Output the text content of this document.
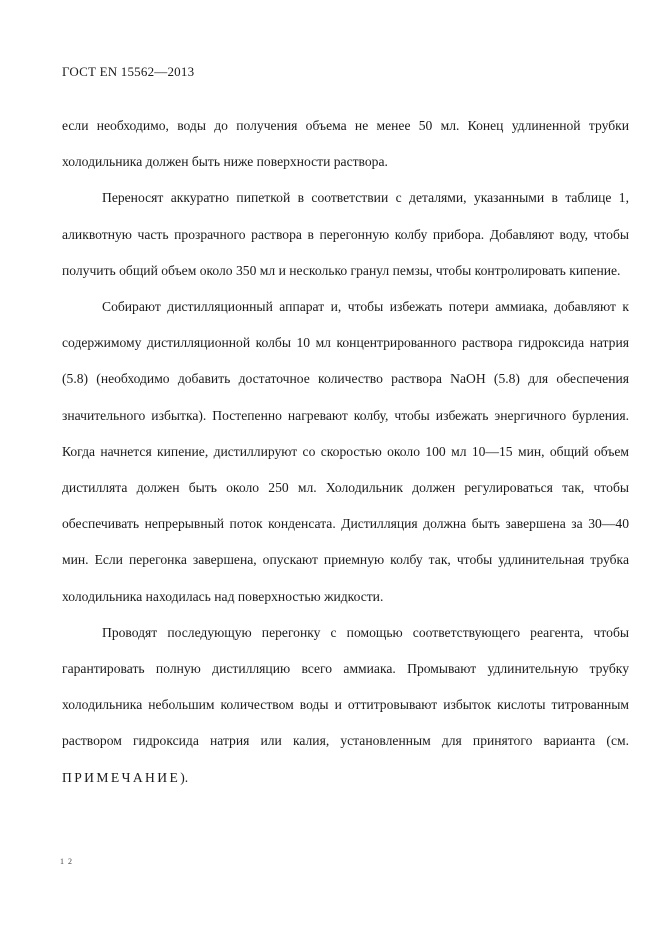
ГОСТ EN 15562—2013

если необходимо, воды до получения объема не менее 50 мл. Конец удлиненной трубки холодильника должен быть ниже поверхности раствора.

Переносят аккуратно пипеткой в соответствии с деталями, указанными в таблице 1, аликвотную часть прозрачного раствора в перегонную колбу прибора. Добавляют воду, чтобы получить общий объем около 350 мл и несколько гранул пемзы, чтобы контролировать кипение.

Собирают дистилляционный аппарат и, чтобы избежать потери аммиака, добавляют к содержимому дистилляционной колбы 10 мл концентрированного раствора гидроксида натрия (5.8) (необходимо добавить достаточное количество раствора NaOH (5.8) для обеспечения значительного избытка). Постепенно нагревают колбу, чтобы избежать энергичного бурления. Когда начнется кипение, дистиллируют со скоростью около 100 мл 10—15 мин, общий объем дистиллята должен быть около 250 мл. Холодильник должен регулироваться так, чтобы обеспечивать непрерывный поток конденсата. Дистилляция должна быть завершена за 30—40 мин. Если перегонка завершена, опускают приемную колбу так, чтобы удлинительная трубка холодильника находилась над поверхностью жидкости.

Проводят последующую перегонку с помощью соответствующего реагента, чтобы гарантировать полную дистилляцию всего аммиака. Промывают удлинительную трубку холодильника небольшим количеством воды и оттитровывают избыток кислоты титрованным раствором гидроксида натрия или калия, установленным для принятого варианта (см. ПРИМЕЧАНИЕ).

1 2
